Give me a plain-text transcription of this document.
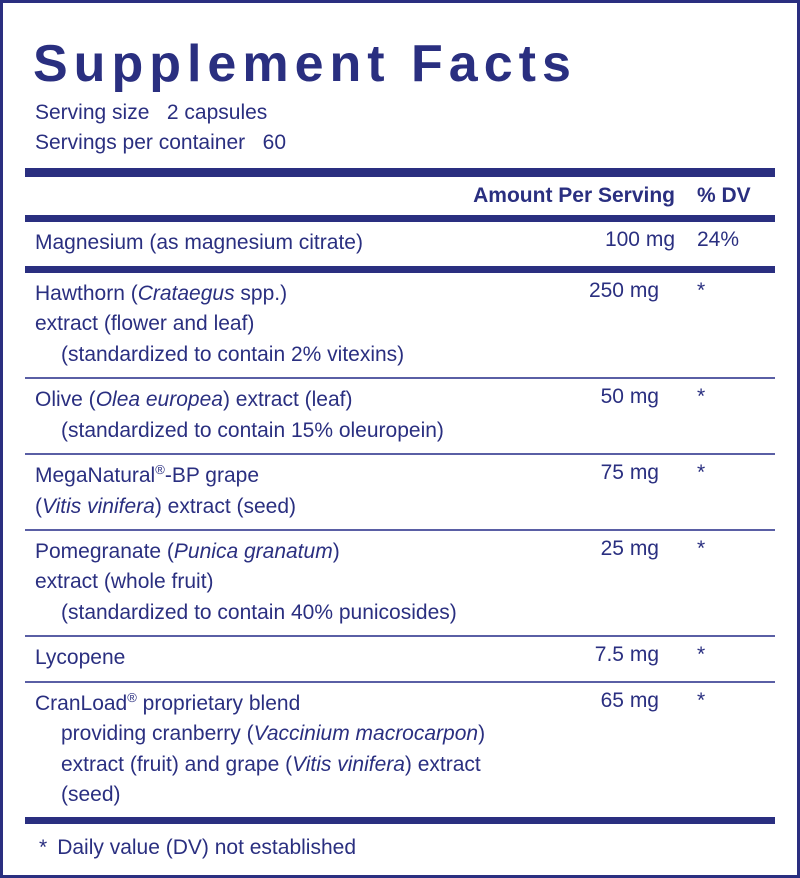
Supplement Facts
Serving size 2 capsules
Servings per container 60
Amount Per Serving % DV
Magnesium (as magnesium citrate)	100 mg 24%
Hawthorn (Crataegus spp.)
extract (flower and leaf)
(standardized to contain 2% vitexins)
250 mg	*
Olive (Olea europea) extract (leaf)
(standardized to contain 15% oleuropein)
50 mg	*
MegaNatural®-BP grape
(Vitis vinifera) extract (seed)
75 mg	*
Pomegranate (Punica granatum)
extract (whole fruit)
(standardized to contain 40% punicosides)
25 mg	*
Lycopene	7.5 mg	*
CranLoad® proprietary blend
providing cranberry (Vaccinium macrocarpon)
extract (fruit) and grape (Vitis vinifera) extract (seed)
65 mg	*
* Daily value (DV) not established
